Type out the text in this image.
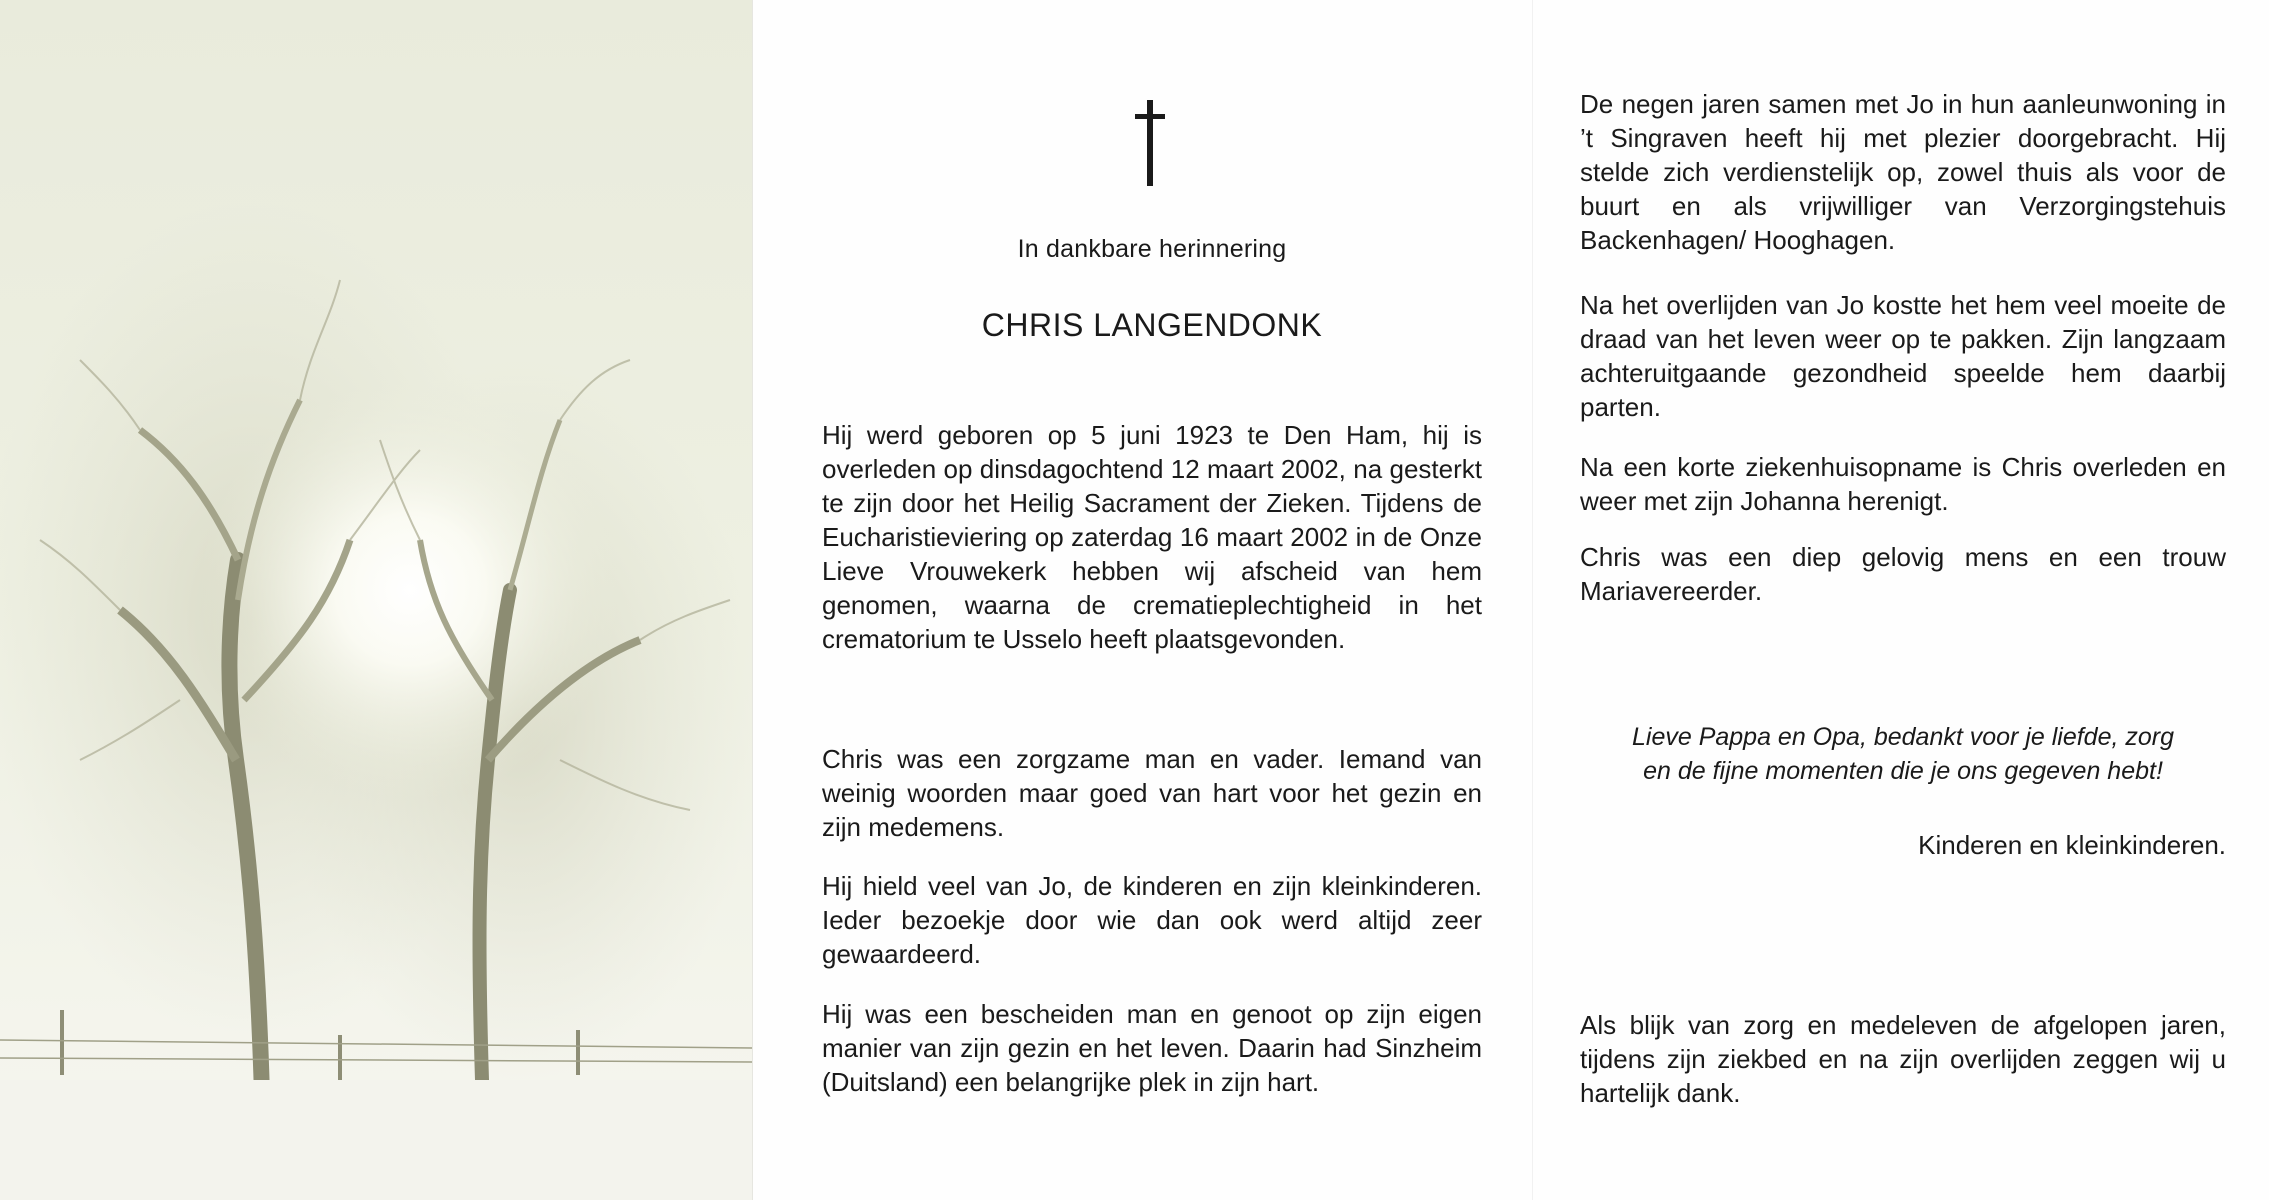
In dankbare herinnering
CHRIS LANGENDONK

Hij werd geboren op 5 juni 1923 te Den Ham, hij is overleden op dinsdagochtend 12 maart 2002, na gesterkt te zijn door het Heilig Sacrament der Zieken. Tijdens de Eucharistieviering op zaterdag 16 maart 2002 in de Onze Lieve Vrouwekerk hebben wij afscheid van hem genomen, waarna de crematieplechtigheid in het crematorium te Usselo heeft plaatsgevonden.

Chris was een zorgzame man en vader. Iemand van weinig woorden maar goed van hart voor het gezin en zijn medemens.

Hij hield veel van Jo, de kinderen en zijn kleinkinderen. Ieder bezoekje door wie dan ook werd altijd zeer gewaardeerd.

Hij was een bescheiden man en genoot op zijn eigen manier van zijn gezin en het leven. Daarin had Sinzheim (Duitsland) een belangrijke plek in zijn hart.

De negen jaren samen met Jo in hun aanleunwoning in ’t Singraven heeft hij met plezier doorgebracht. Hij stelde zich verdienstelijk op, zowel thuis als voor de buurt en als vrijwilliger van Verzorgingstehuis Backenhagen/ Hooghagen.

Na het overlijden van Jo kostte het hem veel moeite de draad van het leven weer op te pakken. Zijn langzaam achteruitgaande gezondheid speelde hem daarbij parten.

Na een korte ziekenhuisopname is Chris overleden en weer met zijn Johanna herenigt.

Chris was een diep gelovig mens en een trouw Mariavereerder.

Lieve Pappa en Opa, bedankt voor je liefde, zorg
en de fijne momenten die je ons gegeven hebt!
Kinderen en kleinkinderen.

Als blijk van zorg en medeleven de afgelopen jaren, tijdens zijn ziekbed en na zijn overlijden zeggen wij u hartelijk dank.
